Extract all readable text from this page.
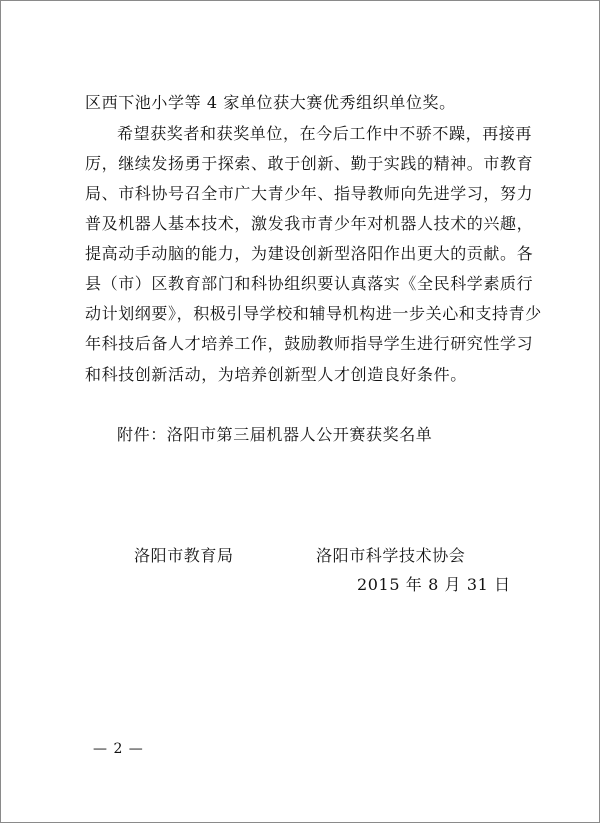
区西下池小学等 4 家单位获大赛优秀组织单位奖。
希望获奖者和获奖单位，在今后工作中不骄不躁，再接再
厉，继续发扬勇于探索、敢于创新、勤于实践的精神。市教育
局、市科协号召全市广大青少年、指导教师向先进学习，努力
普及机器人基本技术，激发我市青少年对机器人技术的兴趣，
提高动手动脑的能力，为建设创新型洛阳作出更大的贡献。各
县（市）区教育部门和科协组织要认真落实《全民科学素质行
动计划纲要》，积极引导学校和辅导机构进一步关心和支持青少
年科技后备人才培养工作，鼓励教师指导学生进行研究性学习
和科技创新活动，为培养创新型人才创造良好条件。
附件：洛阳市第三届机器人公开赛获奖名单
洛阳市教育局	洛阳市科学技术协会
2015 年 8 月 31 日
— 2 —
